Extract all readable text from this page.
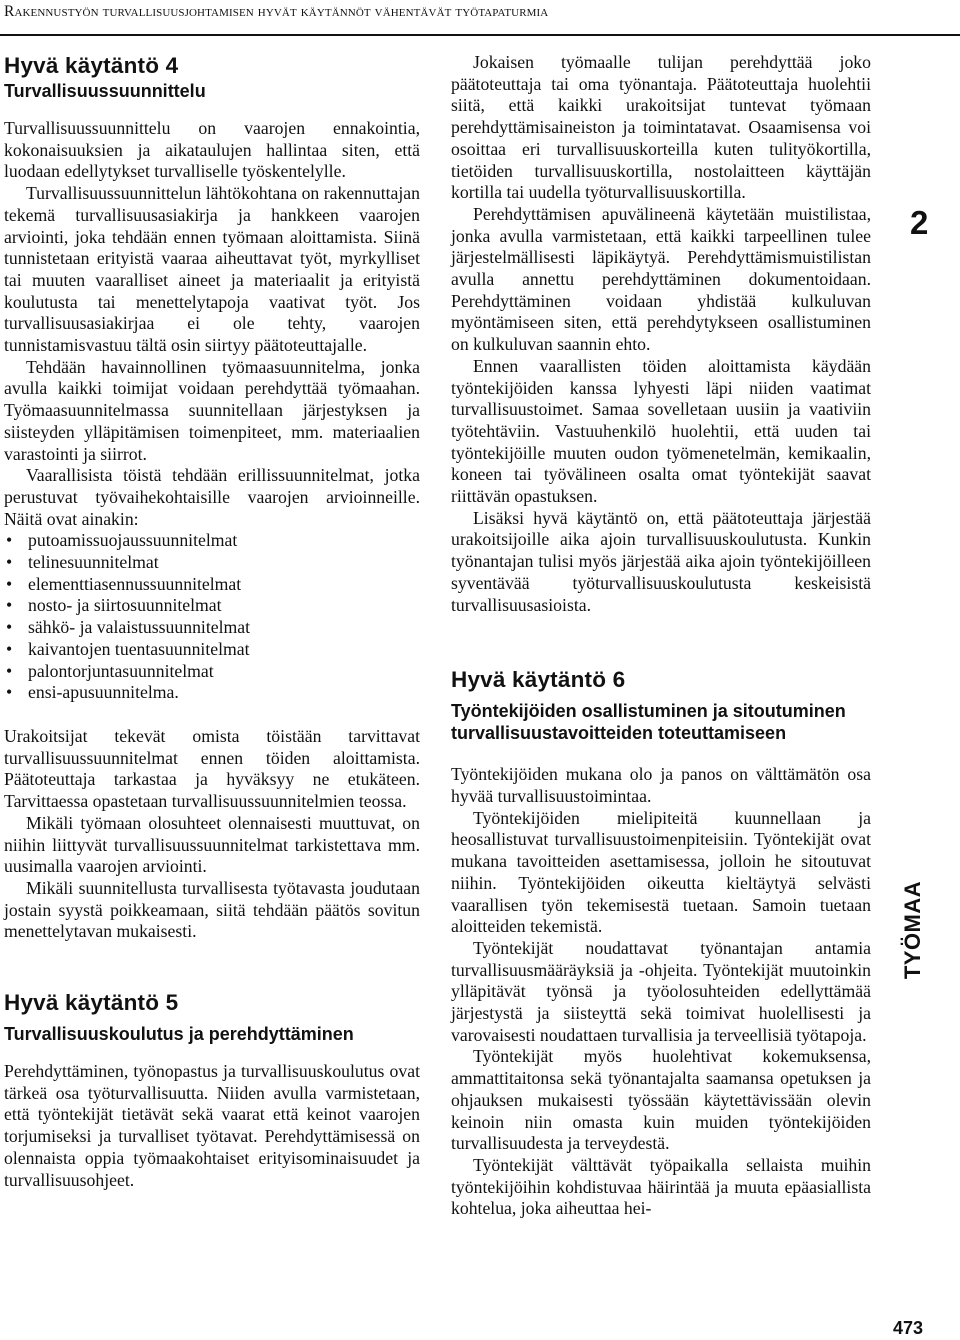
Rakennustyön turvallisuusjohtamisen hyvät käytännöt vähentävät työtapaturmia
Hyvä käytäntö 4
Turvallisuussuunnittelu

Turvallisuussuunnittelu on vaarojen ennakointia, kokonaisuuksien ja aikataulujen hallintaa siten, että luodaan edellytykset turvalliselle työskentelylle.

Turvallisuussuunnittelun lähtökohtana on rakennuttajan tekemä turvallisuusasiakirja ja hankkeen vaarojen arviointi, joka tehdään ennen työmaan aloittamista. Siinä tunnistetaan erityistä vaaraa aiheuttavat työt, myrkylliset tai muuten vaaralliset aineet ja materiaalit ja erityistä koulutusta tai menettelytapoja vaativat työt. Jos turvallisuusasiakirjaa ei ole tehty, vaarojen tunnistamisvastuu tältä osin siirtyy päätoteuttajalle.

Tehdään havainnollinen työmaasuunnitelma, jonka avulla kaikki toimijat voidaan perehdyttää työmaahan. Työmaasuunnitelmassa suunnitellaan järjestyksen ja siisteyden ylläpitämisen toimenpiteet, mm. materiaalien varastointi ja siirrot.

Vaarallisista töistä tehdään erillissuunnitelmat, jotka perustuvat työvaihekohtaisille vaarojen arvioinneille. Näitä ovat ainakin:

• putoamissuojaussuunnitelmat
• telinesuunnitelmat
• elementtiasennussuunnitelmat
• nosto- ja siirtosuunnitelmat
• sähkö- ja valaistussuunnitelmat
• kaivantojen tuentasuunnitelmat
• palontorjuntasuunnitelmat
• ensi-apusuunnitelma.

Urakoitsijat tekevät omista töistään tarvittavat turvallisuussuunnitelmat ennen töiden aloittamista. Päätoteuttaja tarkastaa ja hyväksyy ne etukäteen. Tarvittaessa opastetaan turvallisuussuunnitelmien teossa.

Mikäli työmaan olosuhteet olennaisesti muuttuvat, on niihin liittyvät turvallisuussuunnitelmat tarkistettava mm. uusimalla vaarojen arviointi.

Mikäli suunnitellusta turvallisesta työtavasta joudutaan jostain syystä poikkeamaan, siitä tehdään päätös sovitun menettelytavan mukaisesti.

Hyvä käytäntö 5
Turvallisuuskoulutus ja perehdyttäminen

Perehdyttäminen, työnopastus ja turvallisuuskoulutus ovat tärkeä osa työturvallisuutta. Niiden avulla varmistetaan, että työntekijät tietävät sekä vaarat että keinot vaarojen torjumiseksi ja turvalliset työtavat. Perehdyttämisessä on olennaista oppia työmaakohtaiset erityisominaisuudet ja turvallisuusohjeet.

Jokaisen työmaalle tulijan perehdyttää joko päätoteuttaja tai oma työnantaja. Päätoteuttaja huolehtii siitä, että kaikki urakoitsijat tuntevat työmaan perehdyttämisaineiston ja toimintatavat. Osaamisensa voi osoittaa eri turvallisuuskorteilla kuten tulityökortilla, tietöiden turvallisuuskortilla, nostolaitteen käyttäjän kortilla tai uudella työturvallisuuskortilla.

Perehdyttämisen apuvälineenä käytetään muistilistaa, jonka avulla varmistetaan, että kaikki tarpeellinen tulee järjestelmällisesti läpikäytyä. Perehdyttämismuistilistan avulla annettu perehdyttäminen dokumentoidaan. Perehdyttäminen voidaan yhdistää kulkuluvan myöntämiseen siten, että perehdytykseen osallistuminen on kulkuluvan saannin ehto.

Ennen vaarallisten töiden aloittamista käydään työntekijöiden kanssa lyhyesti läpi niiden vaatimat turvallisuustoimet. Samaa sovelletaan uusiin ja vaativiin työtehtäviin. Vastuuhenkilö huolehtii, että uuden tai työntekijöille muuten oudon työmenetelmän, kemikaalin, koneen tai työvälineen osalta omat työntekijät saavat riittävän opastuksen.

Lisäksi hyvä käytäntö on, että päätoteuttaja järjestää urakoitsijoille aika ajoin turvallisuuskoulutusta. Kunkin työnantajan tulisi myös järjestää aika ajoin työntekijöilleen syventävää työturvallisuuskoulutusta keskeisistä turvallisuusasioista.

Hyvä käytäntö 6
Työntekijöiden osallistuminen ja sitoutuminen turvallisuustavoitteiden toteuttamiseen

Työntekijöiden mukana olo ja panos on välttämätön osa hyvää turvallisuustoimintaa.

Työntekijöiden mielipiteitä kuunnellaan ja heosallistuvat turvallisuustoimenpiteisiin. Työntekijät ovat mukana tavoitteiden asettamisessa, jolloin he sitoutuvat niihin. Työntekijöiden oikeutta kieltäytyä selvästi vaarallisen työn tekemisestä tuetaan. Samoin tuetaan aloitteiden tekemistä.

Työntekijät noudattavat työnantajan antamia turvallisuusmääräyksiä ja -ohjeita. Työntekijät muutoinkin ylläpitävät työnsä ja työolosuhteiden edellyttämää järjestystä ja siisteyttä sekä toimivat huolellisesti ja varovaisesti noudattaen turvallisia ja terveellisiä työtapoja.

Työntekijät myös huolehtivat kokemuksensa, ammattitaitonsa sekä työnantajalta saamansa opetuksen ja ohjauksen mukaisesti työssään käytettävissään olevin keinoin niin omasta kuin muiden työntekijöiden turvallisuudesta ja terveydestä.

Työntekijät välttävät työpaikalla sellaista muihin työntekijöihin kohdistuvaa häirintää ja muuta epäasiallista kohtelua, joka aiheuttaa hei-

2
TYÖMAA
473
